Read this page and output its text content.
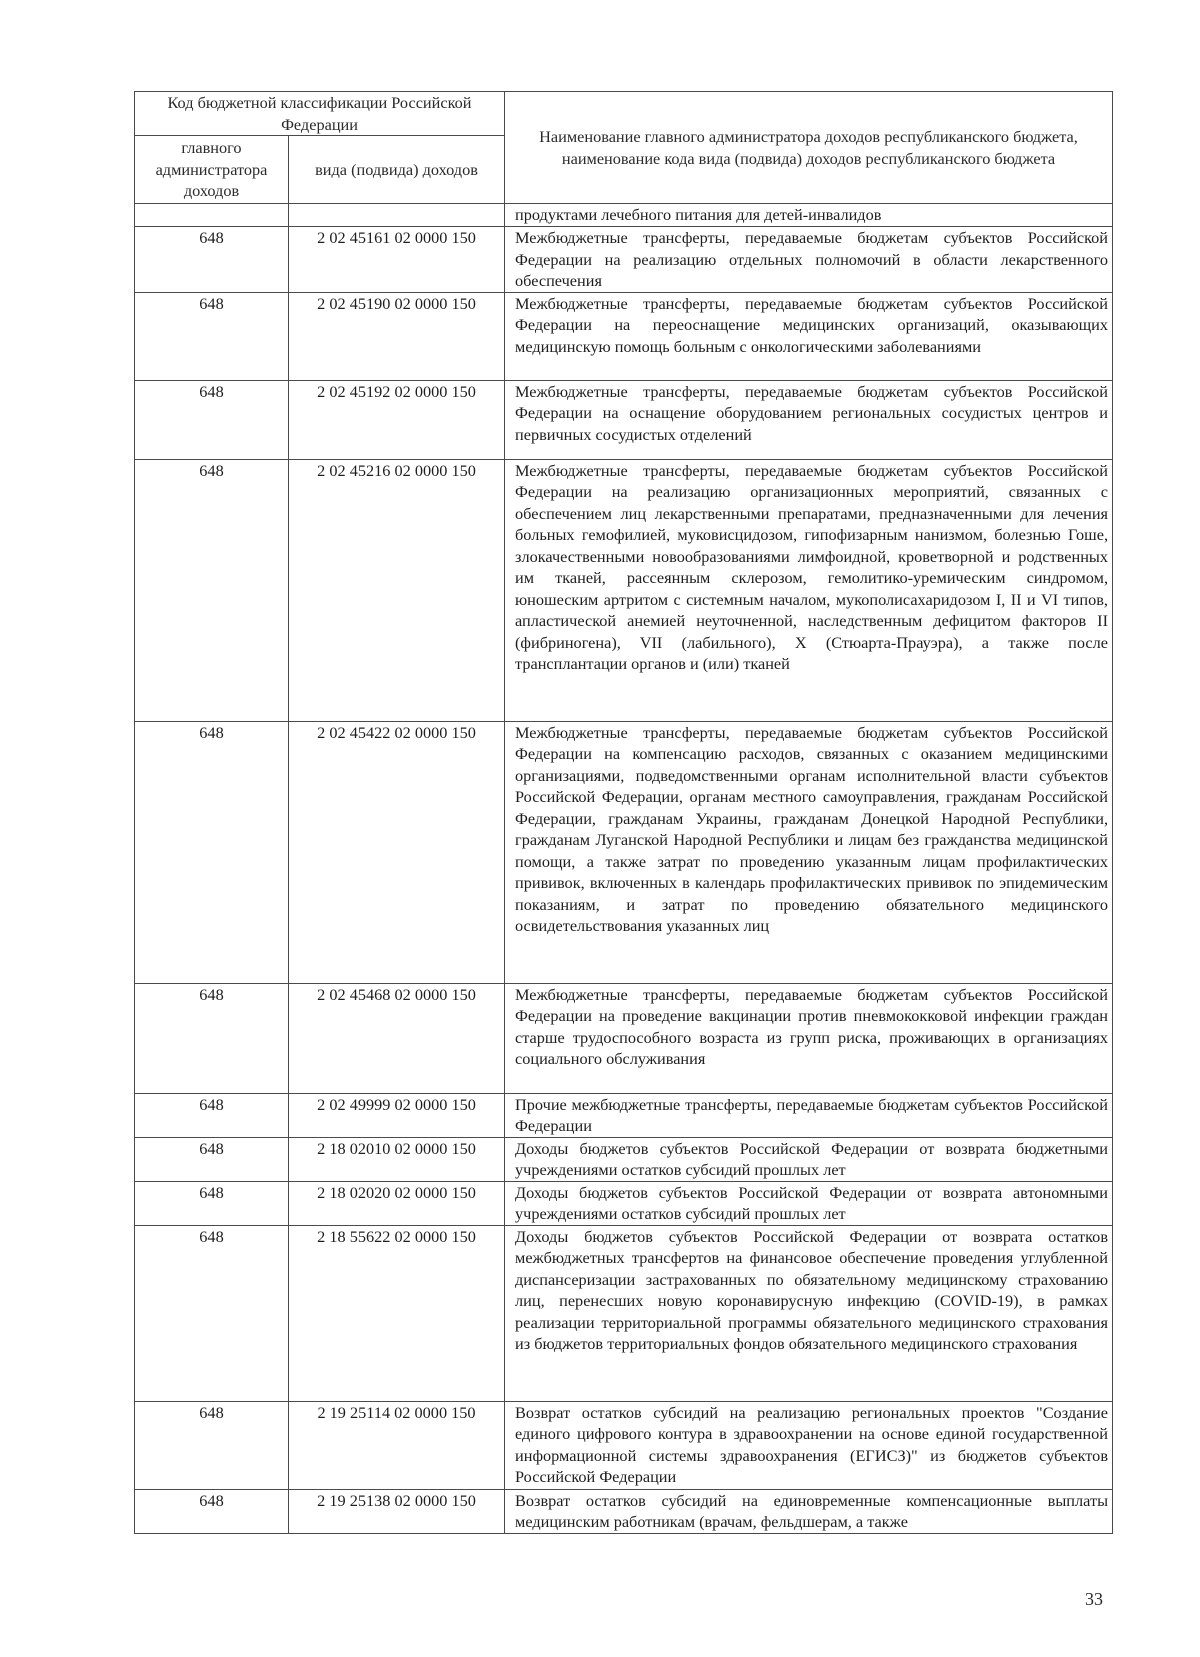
Код бюджетной классификации Российской Федерации		Наименование главного администратора доходов республиканского бюджета, наименование кода вида (подвида) доходов республиканского бюджета
главного администратора доходов	вида (подвида) доходов	
		продуктами лечебного питания для детей-инвалидов
648	2 02 45161 02 0000 150	Межбюджетные трансферты, передаваемые бюджетам субъектов Российской Федерации на реализацию отдельных полномочий в области лекарственного обеспечения
648	2 02 45190 02 0000 150	Межбюджетные трансферты, передаваемые бюджетам субъектов Российской Федерации на переоснащение медицинских организаций, оказывающих медицинскую помощь больным с онкологическими заболеваниями
648	2 02 45192 02 0000 150	Межбюджетные трансферты, передаваемые бюджетам субъектов Российской Федерации на оснащение оборудованием региональных сосудистых центров и первичных сосудистых отделений
648	2 02 45216 02 0000 150	Межбюджетные трансферты, передаваемые бюджетам субъектов Российской Федерации на реализацию организационных мероприятий, связанных с обеспечением лиц лекарственными препаратами, предназначенными для лечения больных гемофилией, муковисцидозом, гипофизарным нанизмом, болезнью Гоше, злокачественными новообразованиями лимфоидной, кроветворной и родственных им тканей, рассеянным склерозом, гемолитико-уремическим синдромом, юношеским артритом с системным началом, мукополисахаридозом I, II и VI типов, апластической анемией неуточненной, наследственным дефицитом факторов II (фибриногена), VII (лабильного), X (Стюарта-Прауэра), а также после трансплантации органов и (или) тканей
648	2 02 45422 02 0000 150	Межбюджетные трансферты, передаваемые бюджетам субъектов Российской Федерации на компенсацию расходов, связанных с оказанием медицинскими организациями, подведомственными органам исполнительной власти субъектов Российской Федерации, органам местного самоуправления, гражданам Российской Федерации, гражданам Украины, гражданам Донецкой Народной Республики, гражданам Луганской Народной Республики и лицам без гражданства медицинской помощи, а также затрат по проведению указанным лицам профилактических прививок, включенных в календарь профилактических прививок по эпидемическим показаниям, и затрат по проведению обязательного медицинского освидетельствования указанных лиц
648	2 02 45468 02 0000 150	Межбюджетные трансферты, передаваемые бюджетам субъектов Российской Федерации на проведение вакцинации против пневмококковой инфекции граждан старше трудоспособного возраста из групп риска, проживающих в организациях социального обслуживания
648	2 02 49999 02 0000 150	Прочие межбюджетные трансферты, передаваемые бюджетам субъектов Российской Федерации
648	2 18 02010 02 0000 150	Доходы бюджетов субъектов Российской Федерации от возврата бюджетными учреждениями остатков субсидий прошлых лет
648	2 18 02020 02 0000 150	Доходы бюджетов субъектов Российской Федерации от возврата автономными учреждениями остатков субсидий прошлых лет
648	2 18 55622 02 0000 150	Доходы бюджетов субъектов Российской Федерации от возврата остатков межбюджетных трансфертов на финансовое обеспечение проведения углубленной диспансеризации застрахованных по обязательному медицинскому страхованию лиц, перенесших новую коронавирусную инфекцию (COVID-19), в рамках реализации территориальной программы обязательного медицинского страхования из бюджетов территориальных фондов обязательного медицинского страхования
648	2 19 25114 02 0000 150	Возврат остатков субсидий на реализацию региональных проектов "Создание единого цифрового контура в здравоохранении на основе единой государственной информационной системы здравоохранения (ЕГИСЗ)" из бюджетов субъектов Российской Федерации
648	2 19 25138 02 0000 150	Возврат остатков субсидий на единовременные компенсационные выплаты медицинским работникам (врачам, фельдшерам, а также
33
